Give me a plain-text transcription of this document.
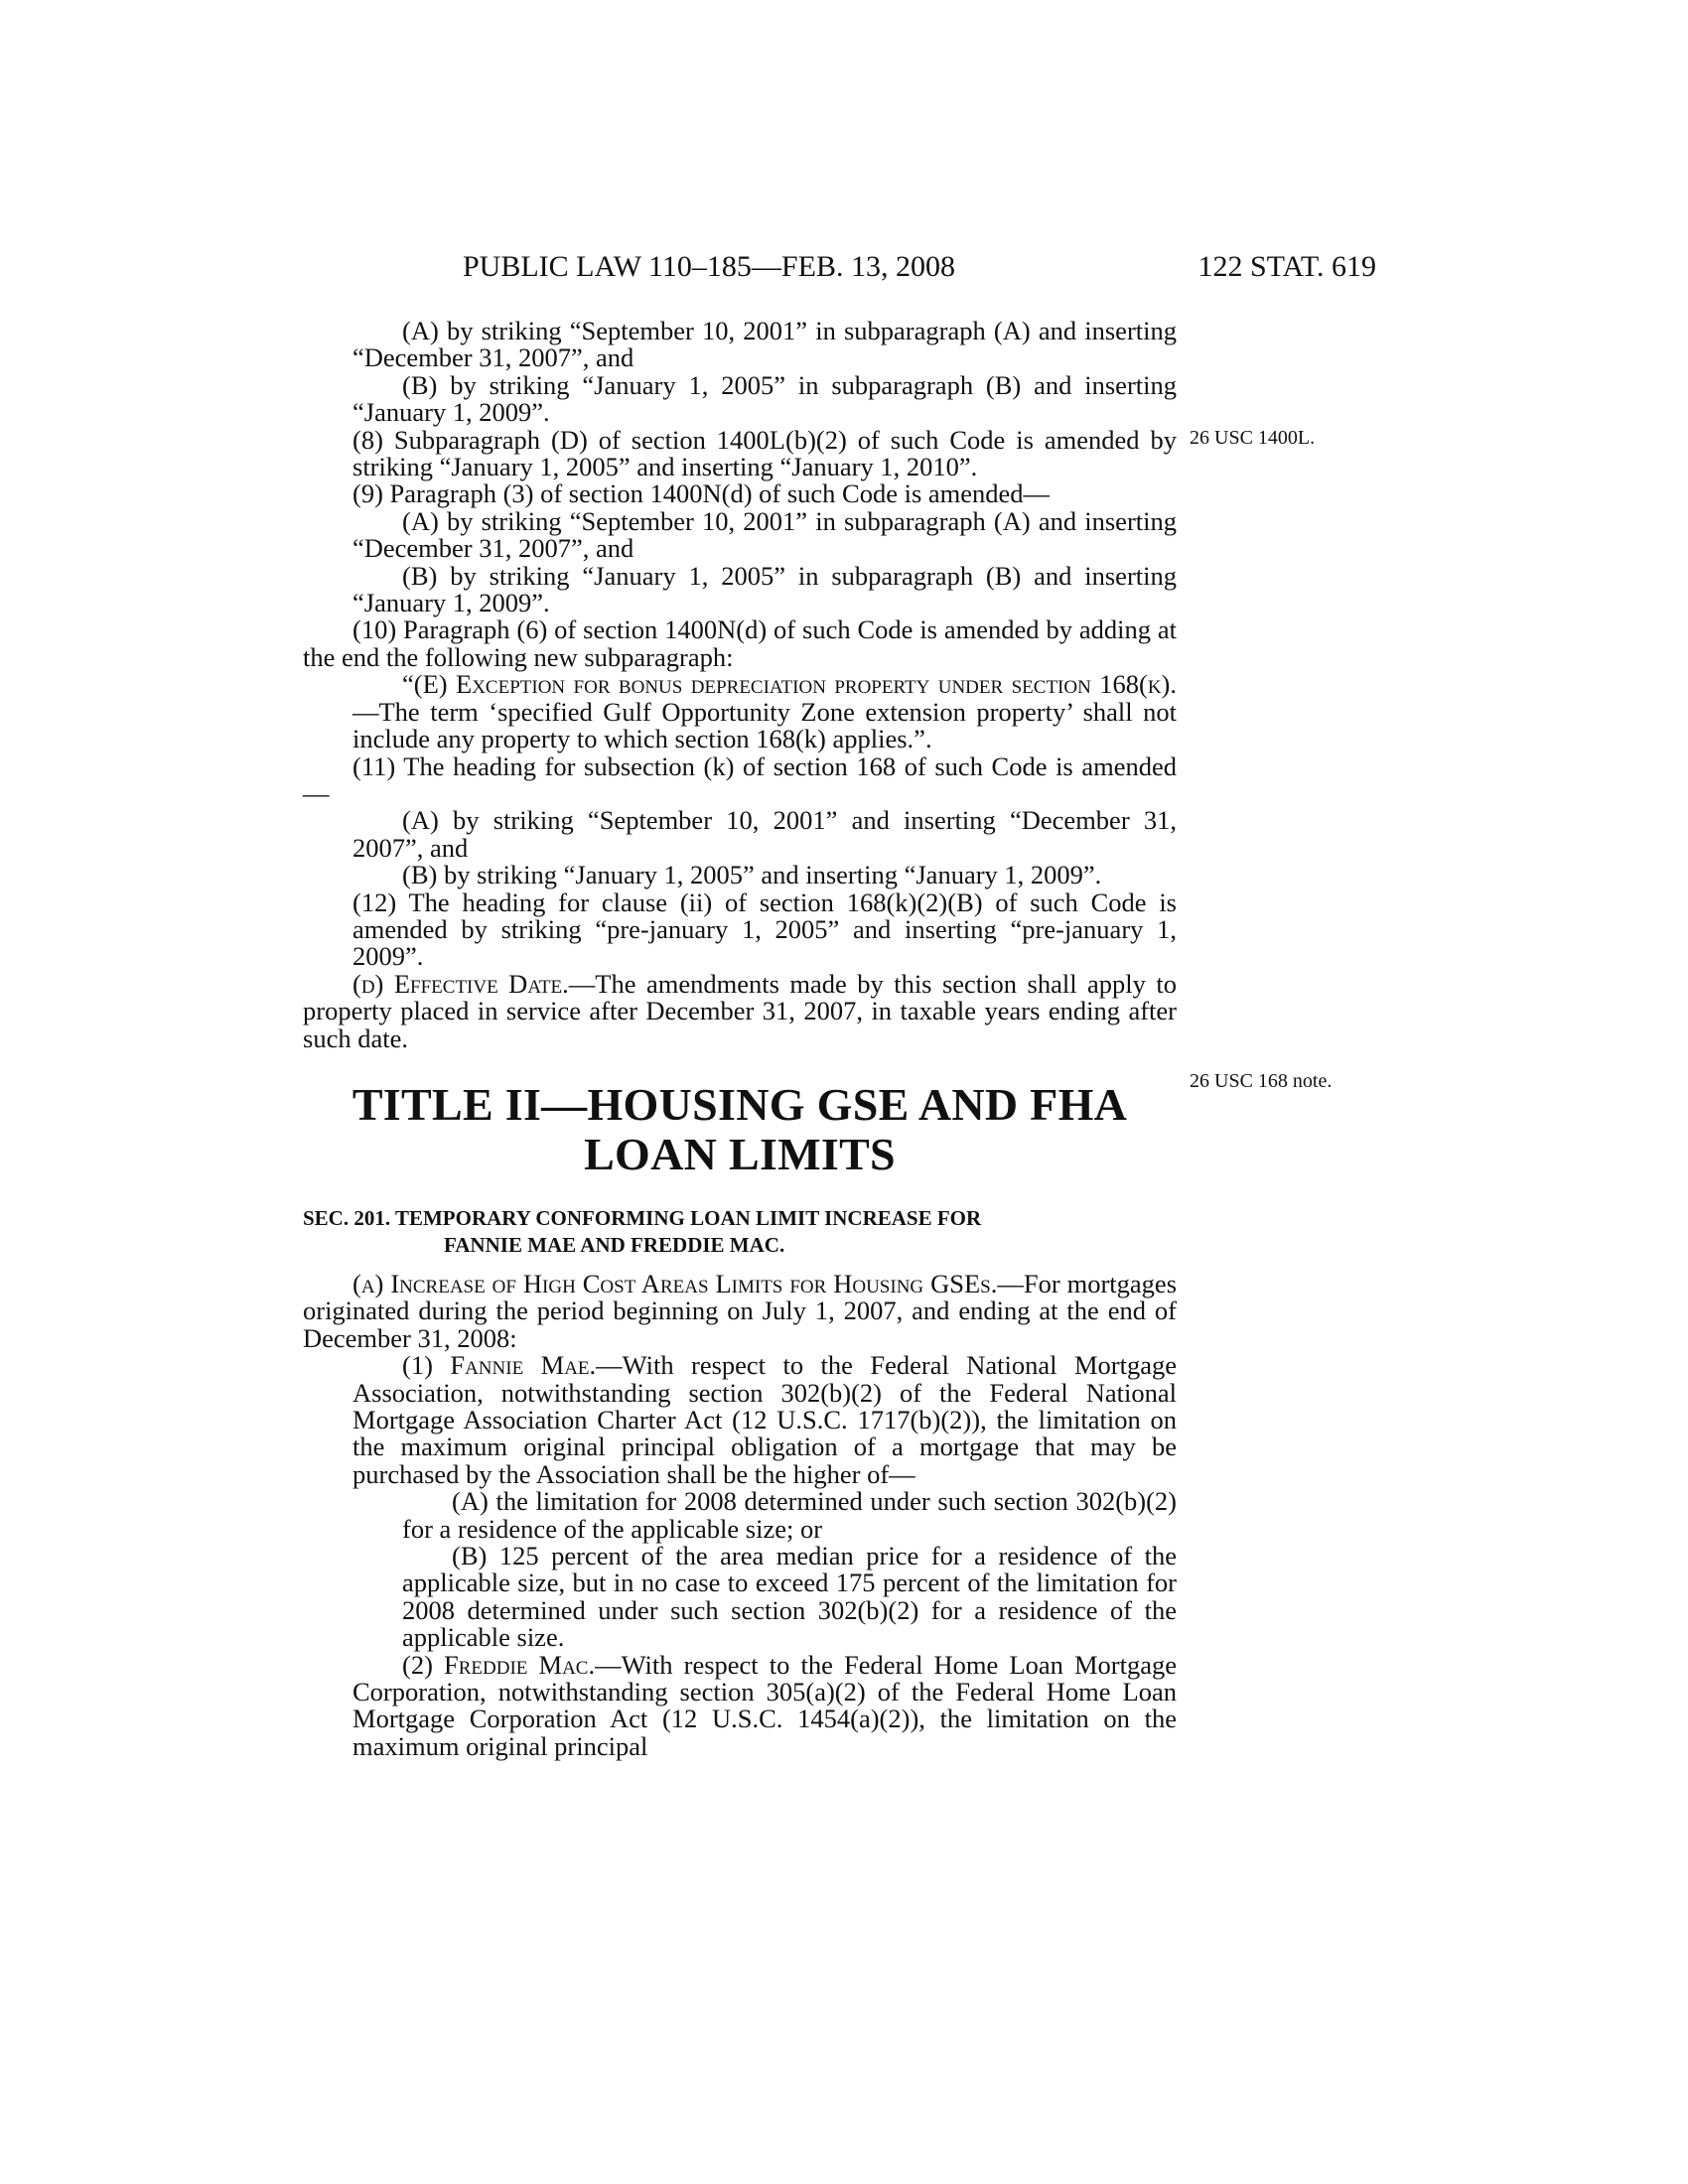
PUBLIC LAW 110–185—FEB. 13, 2008	122 STAT. 619
26 USC 1400L.
26 USC 168 note.

(A) by striking “September 10, 2001” in subparagraph (A) and inserting “December 31, 2007”, and

(B) by striking “January 1, 2005” in subparagraph (B) and inserting “January 1, 2009”.

(8) Subparagraph (D) of section 1400L(b)(2) of such Code is amended by striking “January 1, 2005” and inserting “January 1, 2010”.

(9) Paragraph (3) of section 1400N(d) of such Code is amended—

(A) by striking “September 10, 2001” in subparagraph (A) and inserting “December 31, 2007”, and

(B) by striking “January 1, 2005” in subparagraph (B) and inserting “January 1, 2009”.

(10) Paragraph (6) of section 1400N(d) of such Code is amended by adding at the end the following new subparagraph:

“(E) Exception for bonus depreciation property under section 168(k).—The term ‘specified Gulf Opportunity Zone extension property’ shall not include any property to which section 168(k) applies.”.

(11) The heading for subsection (k) of section 168 of such Code is amended—

(A) by striking “September 10, 2001” and inserting “December 31, 2007”, and

(B) by striking “January 1, 2005” and inserting “January 1, 2009”.

(12) The heading for clause (ii) of section 168(k)(2)(B) of such Code is amended by striking “pre-january 1, 2005” and inserting “pre-january 1, 2009”.

(d) Effective Date.—The amendments made by this section shall apply to property placed in service after December 31, 2007, in taxable years ending after such date.

TITLE II—HOUSING GSE AND FHA LOAN LIMITS
SEC. 201. TEMPORARY CONFORMING LOAN LIMIT INCREASE FOR
FANNIE MAE AND FREDDIE MAC.

(a) Increase of High Cost Areas Limits for Housing GSEs.—For mortgages originated during the period beginning on July 1, 2007, and ending at the end of December 31, 2008:

(1) Fannie Mae.—With respect to the Federal National Mortgage Association, notwithstanding section 302(b)(2) of the Federal National Mortgage Association Charter Act (12 U.S.C. 1717(b)(2)), the limitation on the maximum original principal obligation of a mortgage that may be purchased by the Association shall be the higher of—

(A) the limitation for 2008 determined under such section 302(b)(2) for a residence of the applicable size; or

(B) 125 percent of the area median price for a residence of the applicable size, but in no case to exceed 175 percent of the limitation for 2008 determined under such section 302(b)(2) for a residence of the applicable size.

(2) Freddie Mac.—With respect to the Federal Home Loan Mortgage Corporation, notwithstanding section 305(a)(2) of the Federal Home Loan Mortgage Corporation Act (12 U.S.C. 1454(a)(2)), the limitation on the maximum original principal
